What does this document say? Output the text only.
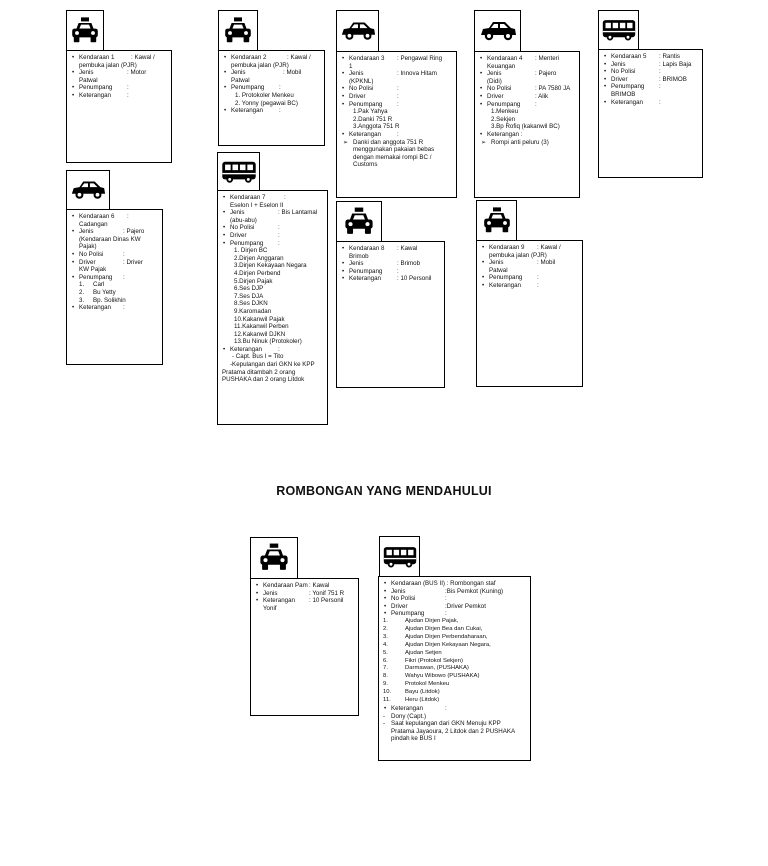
• Kendaraan 1	: Kawal /
pembuka jalan (PJR)
• Jenis	: Motor
Patwal
• Penumpang :
• Keterangan	:
• Kendaraan 2	: Kawal /
pembuka jalan (PJR)
• Jenis	: Mobil
Patwal
• Penumpang :
1. Protokoler Menkeu
2. Yonny (pegawai BC)
• Keterangan	:
• Kendaraan 3 : Pengawal Ring
1
• Jenis	: Innova Hitam
(KPKNL)
• No Polisi	:
• Driver	:
• Penumpang :
1.Pak Yahya
2.Danki 751 R
3.Anggota 751 R
• Keterangan	:
➢ Danki dan anggota 751 R
menggunakan pakaian bebas
dengan memakai rompi BC /
Customs
• Kendaraan 4 : Menteri
Keuangan
• Jenis	: Pajero
(Didi)
• No Polisi	: PA 7580 JA
• Driver	: Alik
• Penumpang :
1.Menkeu
2.Sekjen
3.Bp Rofiq (kakanwil BC)
• Keterangan :
➢ Rompi anti peluru (3)
• Kendaraan 5 : Rantis
• Jenis	: Lapis Baja
• No Polisi	:
• Driver	: BRIMOB
• Penumpang :
BRIMOB
• Keterangan	:
• Kendaraan 6 :
Cadangan
• Jenis	: Pajero
(Kendaraan Dinas KW
Pajak)
• No Polisi	:
• Driver	: Driver
KW Pajak
• Penumpang :
1. Carl
2. Bu Yetty
3. Bp. Solikhin
• Keterangan :
• Kendaraan 7	:
Eselon I + Eselon II
• Jenis	: Bis Lantamal
(abu-abu)
• No Polisi	:
• Driver	:
• Penumpang :
1. Dirjen BC
2.Dirjen Anggaran
3.Dirjen Kekayaan Negara
4.Dirjen Perbend
5.Dirjen Pajak
6.Ses DJP
7.Ses DJA
8.Ses DJKN
9.Karomadan
10.Kakanwil Pajak
11.Kakanwil Perben
12.Kakanwil DJKN
13.Bu Ninuk (Protokoler)
• Keterangan	:
- Capt. Bus I = Tito
-Kepulangan dari GKN ke KPP
Pratama ditambah 2 orang
PUSHAKA dan 2 orang Litdok
• Kendaraan 8 : Kawal
Brimob
• Jenis	: Brimob
• Penumpang :
• Keterangan	: 10 Personil
• Kendaraan 9 : Kawal /
pembuka jalan (PJR)
• Jenis	: Mobil
Patwal
• Penumpang :
• Keterangan	:
ROMBONGAN YANG MENDAHULUI
• Kendaraan Pam : Kawal
• Jenis	: Yonif 751 R
• Keterangan : 10 Personil
Yonif
• Kendaraan (BUS II) : Rombongan staf
• Jenis	:Bis Pemkot (Kuning)
• No Polisi	:
• Driver	:Driver Pemkot
• Penumpang	:
1.	Ajudan Dirjen Pajak,
2.	Ajudan Dirjen Bea dan Cukai,
3.	Ajudan Dirjen Perbendaharaan,
4.	Ajudan Dirjen Kekayaan Negara,
5.	Ajudan Setjen
6.	Fikri (Protokol Sekjen)
7.	Darmawan, (PUSHAKA)
8.	Wahyu Wibowo (PUSHAKA)
9.	Protokol Menkeu
10. Bayu (Litdok)
11. Heru (Litdok)
• Keterangan	:
- Dony (Capt.)
- Saat kepulangan dari GKN Menuju KPP
Pratama Jayaoura, 2 Litdok dan 2 PUSHAKA
pindah ke BUS I
